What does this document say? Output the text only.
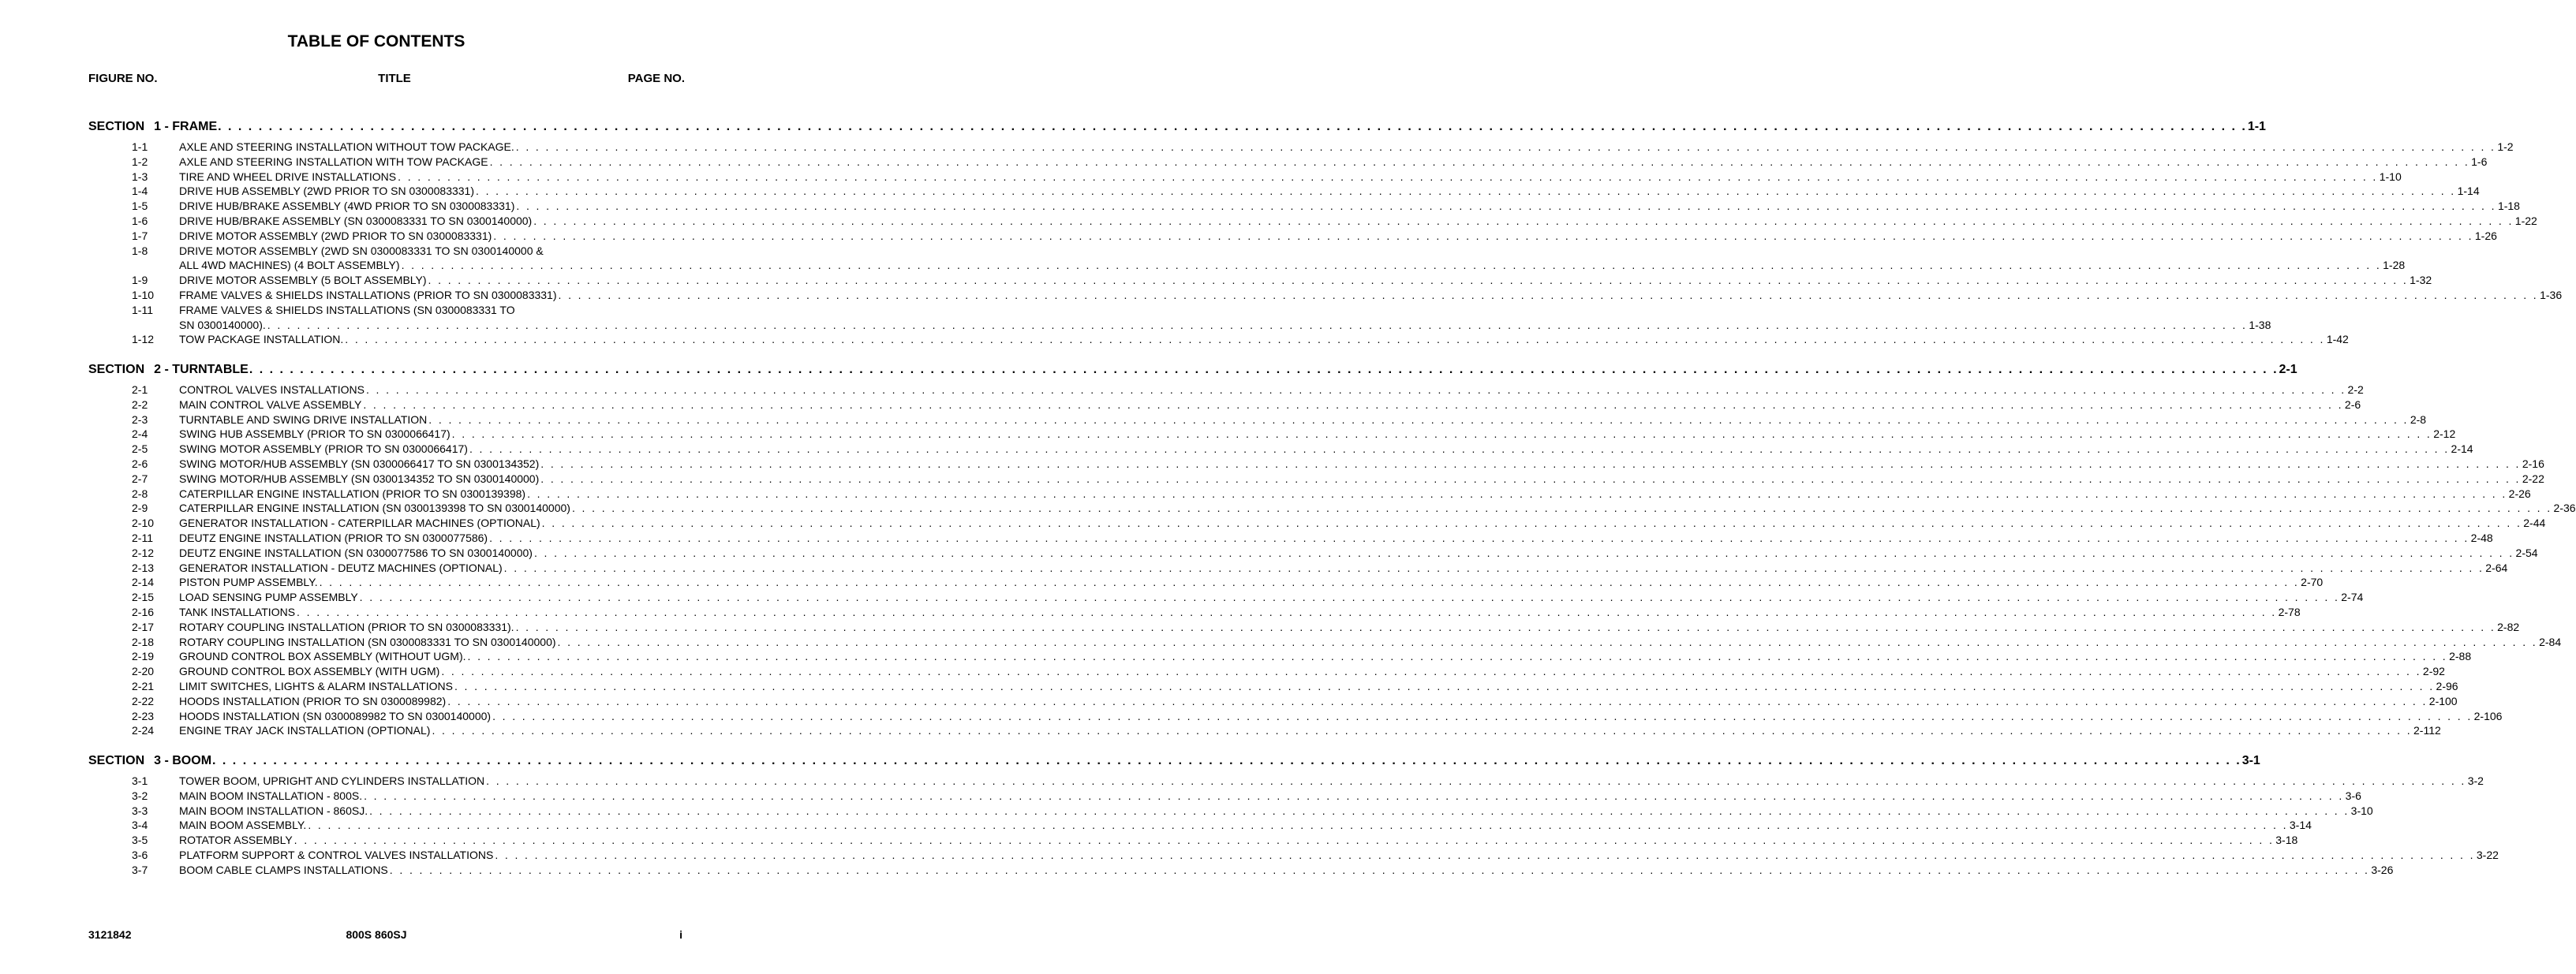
TABLE OF CONTENTS
FIGURE NO.	TITLE	PAGE NO.
SECTION 1 - FRAME . . . . . . . . . . . . . . . . . . . . . . . . . . . . . . . . . . . . . . . . . . . . . . . . . . . . . . . . . . . . . . . . . . . . . . . . . . . . . . . . . . . . . . . . . . . . . . . . . . . . . . . . . . . . . . . . . . . . . . . . . . . . . . . . . . . . . . . . . . . . . . . . . . . . . . . . . . . . . . . . . . . . . . . . . . . . . . . . . . . . . . . . . . . . . . . . . . . . . . . . 1-1
1-1	AXLE AND STEERING INSTALLATION WITHOUT TOW PACKAGE. . . . . . . . . . . . . . . . . . . . . . . . . . . . . . . . . . . . . . . . . . . . . . . . . . . . . . . . . . . . . . . . . . . . . . . . . . . . . . . . . . . . . . . . . . . . . . . . . . . . . . . . . . . . . . . . . . . . . . . . . . . . . . . . . . . . . . . . . . . . . . . . . . . . . . . . . . . . . . . . . . . . . . . . . . . . . . . . . . . . . . . . . . . . . . . . . . . . . . . . . 1-2
1-2	AXLE AND STEERING INSTALLATION WITH TOW PACKAGE . . . . . . . . . . . . . . . . . . . . . . . . . . . . . . . . . . . . . . . . . . . . . . . . . . . . . . . . . . . . . . . . . . . . . . . . . . . . . . . . . . . . . . . . . . . . . . . . . . . . . . . . . . . . . . . . . . . . . . . . . . . . . . . . . . . . . . . . . . . . . . . . . . . . . . . . . . . . . . . . . . . . . . . . . . . . . . . . . . . . . . . . . . . . . . . . . . . . . . . . 1-6
1-3	TIRE AND WHEEL DRIVE INSTALLATIONS . . . . . . . . . . . . . . . . . . . . . . . . . . . . . . . . . . . . . . . . . . . . . . . . . . . . . . . . . . . . . . . . . . . . . . . . . . . . . . . . . . . . . . . . . . . . . . . . . . . . . . . . . . . . . . . . . . . . . . . . . . . . . . . . . . . . . . . . . . . . . . . . . . . . . . . . . . . . . . . . . . . . . . . . . . . . . . . . . . . . . . . . . . . . . . . . . . . . . . . . 1-10
1-4	DRIVE HUB ASSEMBLY (2WD PRIOR TO SN 0300083331) . . . . . . . . . . . . . . . . . . . . . . . . . . . . . . . . . . . . . . . . . . . . . . . . . . . . . . . . . . . . . . . . . . . . . . . . . . . . . . . . . . . . . . . . . . . . . . . . . . . . . . . . . . . . . . . . . . . . . . . . . . . . . . . . . . . . . . . . . . . . . . . . . . . . . . . . . . . . . . . . . . . . . . . . . . . . . . . . . . . . . . . . . . . . . . . . . . . . . . . . 1-14
1-5	DRIVE HUB/BRAKE ASSEMBLY (4WD PRIOR TO SN 0300083331) . . . . . . . . . . . . . . . . . . . . . . . . . . . . . . . . . . . . . . . . . . . . . . . . . . . . . . . . . . . . . . . . . . . . . . . . . . . . . . . . . . . . . . . . . . . . . . . . . . . . . . . . . . . . . . . . . . . . . . . . . . . . . . . . . . . . . . . . . . . . . . . . . . . . . . . . . . . . . . . . . . . . . . . . . . . . . . . . . . . . . . . . . . . . . . . . . . . . . . . . 1-18
1-6	DRIVE HUB/BRAKE ASSEMBLY (SN 0300083331 TO SN 0300140000) . . . . . . . . . . . . . . . . . . . . . . . . . . . . . . . . . . . . . . . . . . . . . . . . . . . . . . . . . . . . . . . . . . . . . . . . . . . . . . . . . . . . . . . . . . . . . . . . . . . . . . . . . . . . . . . . . . . . . . . . . . . . . . . . . . . . . . . . . . . . . . . . . . . . . . . . . . . . . . . . . . . . . . . . . . . . . . . . . . . . . . . . . . . . . . . . . . . . . . . . 1-22
1-7	DRIVE MOTOR ASSEMBLY (2WD PRIOR TO SN 0300083331) . . . . . . . . . . . . . . . . . . . . . . . . . . . . . . . . . . . . . . . . . . . . . . . . . . . . . . . . . . . . . . . . . . . . . . . . . . . . . . . . . . . . . . . . . . . . . . . . . . . . . . . . . . . . . . . . . . . . . . . . . . . . . . . . . . . . . . . . . . . . . . . . . . . . . . . . . . . . . . . . . . . . . . . . . . . . . . . . . . . . . . . . . . . . . . . . . . . . . . . . 1-26
1-8	DRIVE MOTOR ASSEMBLY (2WD SN 0300083331 TO SN 0300140000 &
ALL 4WD MACHINES) (4 BOLT ASSEMBLY) . . . . . . . . . . . . . . . . . . . . . . . . . . . . . . . . . . . . . . . . . . . . . . . . . . . . . . . . . . . . . . . . . . . . . . . . . . . . . . . . . . . . . . . . . . . . . . . . . . . . . . . . . . . . . . . . . . . . . . . . . . . . . . . . . . . . . . . . . . . . . . . . . . . . . . . . . . . . . . . . . . . . . . . . . . . . . . . . . . . . . . . . . . . . . . . . . . . . . . . . 1-28
1-9	DRIVE MOTOR ASSEMBLY (5 BOLT ASSEMBLY) . . . . . . . . . . . . . . . . . . . . . . . . . . . . . . . . . . . . . . . . . . . . . . . . . . . . . . . . . . . . . . . . . . . . . . . . . . . . . . . . . . . . . . . . . . . . . . . . . . . . . . . . . . . . . . . . . . . . . . . . . . . . . . . . . . . . . . . . . . . . . . . . . . . . . . . . . . . . . . . . . . . . . . . . . . . . . . . . . . . . . . . . . . . . . . . . . . . . . . . . 1-32
1-10 FRAME VALVES & SHIELDS INSTALLATIONS (PRIOR TO SN 0300083331) . . . . . . . . . . . . . . . . . . . . . . . . . . . . . . . . . . . . . . . . . . . . . . . . . . . . . . . . . . . . . . . . . . . . . . . . . . . . . . . . . . . . . . . . . . . . . . . . . . . . . . . . . . . . . . . . . . . . . . . . . . . . . . . . . . . . . . . . . . . . . . . . . . . . . . . . . . . . . . . . . . . . . . . . . . . . . . . . . . . . . . . . . . . . . . . . . . . . . . . . 1-36
1-11 FRAME VALVES & SHIELDS INSTALLATIONS (SN 0300083331 TO
SN 0300140000). . . . . . . . . . . . . . . . . . . . . . . . . . . . . . . . . . . . . . . . . . . . . . . . . . . . . . . . . . . . . . . . . . . . . . . . . . . . . . . . . . . . . . . . . . . . . . . . . . . . . . . . . . . . . . . . . . . . . . . . . . . . . . . . . . . . . . . . . . . . . . . . . . . . . . . . . . . . . . . . . . . . . . . . . . . . . . . . . . . . . . . . . . . . . . . . . . . . . . . . . 1-38
1-12 TOW PACKAGE INSTALLATION. . . . . . . . . . . . . . . . . . . . . . . . . . . . . . . . . . . . . . . . . . . . . . . . . . . . . . . . . . . . . . . . . . . . . . . . . . . . . . . . . . . . . . . . . . . . . . . . . . . . . . . . . . . . . . . . . . . . . . . . . . . . . . . . . . . . . . . . . . . . . . . . . . . . . . . . . . . . . . . . . . . . . . . . . . . . . . . . . . . . . . . . . . . . . . . . . . . . . . . . . 1-42
SECTION 2 - TURNTABLE . . . . . . . . . . . . . . . . . . . . . . . . . . . . . . . . . . . . . . . . . . . . . . . . . . . . . . . . . . . . . . . . . . . . . . . . . . . . . . . . . . . . . . . . . . . . . . . . . . . . . . . . . . . . . . . . . . . . . . . . . . . . . . . . . . . . . . . . . . . . . . . . . . . . . . . . . . . . . . . . . . . . . . . . . . . . . . . . . . . . . . . . . . . . . . . . . . . . . . . . 2-1
2-1	CONTROL VALVES INSTALLATIONS . . . . . . . . . . . . . . . . . . . . . . . . . . . . . . . . . . . . . . . . . . . . . . . . . . . . . . . . . . . . . . . . . . . . . . . . . . . . . . . . . . . . . . . . . . . . . . . . . . . . . . . . . . . . . . . . . . . . . . . . . . . . . . . . . . . . . . . . . . . . . . . . . . . . . . . . . . . . . . . . . . . . . . . . . . . . . . . . . . . . . . . . . . . . . . . . . . . . . . . . 2-2
2-2	MAIN CONTROL VALVE ASSEMBLY . . . . . . . . . . . . . . . . . . . . . . . . . . . . . . . . . . . . . . . . . . . . . . . . . . . . . . . . . . . . . . . . . . . . . . . . . . . . . . . . . . . . . . . . . . . . . . . . . . . . . . . . . . . . . . . . . . . . . . . . . . . . . . . . . . . . . . . . . . . . . . . . . . . . . . . . . . . . . . . . . . . . . . . . . . . . . . . . . . . . . . . . . . . . . . . . . . . . . . . . 2-6
2-3	TURNTABLE AND SWING DRIVE INSTALLATION . . . . . . . . . . . . . . . . . . . . . . . . . . . . . . . . . . . . . . . . . . . . . . . . . . . . . . . . . . . . . . . . . . . . . . . . . . . . . . . . . . . . . . . . . . . . . . . . . . . . . . . . . . . . . . . . . . . . . . . . . . . . . . . . . . . . . . . . . . . . . . . . . . . . . . . . . . . . . . . . . . . . . . . . . . . . . . . . . . . . . . . . . . . . . . . . . . . . . . . . 2-8
2-4	SWING HUB ASSEMBLY (PRIOR TO SN 0300066417) . . . . . . . . . . . . . . . . . . . . . . . . . . . . . . . . . . . . . . . . . . . . . . . . . . . . . . . . . . . . . . . . . . . . . . . . . . . . . . . . . . . . . . . . . . . . . . . . . . . . . . . . . . . . . . . . . . . . . . . . . . . . . . . . . . . . . . . . . . . . . . . . . . . . . . . . . . . . . . . . . . . . . . . . . . . . . . . . . . . . . . . . . . . . . . . . . . . . . . . . 2-12
2-5	SWING MOTOR ASSEMBLY (PRIOR TO SN 0300066417) . . . . . . . . . . . . . . . . . . . . . . . . . . . . . . . . . . . . . . . . . . . . . . . . . . . . . . . . . . . . . . . . . . . . . . . . . . . . . . . . . . . . . . . . . . . . . . . . . . . . . . . . . . . . . . . . . . . . . . . . . . . . . . . . . . . . . . . . . . . . . . . . . . . . . . . . . . . . . . . . . . . . . . . . . . . . . . . . . . . . . . . . . . . . . . . . . . . . . . . . 2-14
2-6	SWING MOTOR/HUB ASSEMBLY (SN 0300066417 TO SN 0300134352) . . . . . . . . . . . . . . . . . . . . . . . . . . . . . . . . . . . . . . . . . . . . . . . . . . . . . . . . . . . . . . . . . . . . . . . . . . . . . . . . . . . . . . . . . . . . . . . . . . . . . . . . . . . . . . . . . . . . . . . . . . . . . . . . . . . . . . . . . . . . . . . . . . . . . . . . . . . . . . . . . . . . . . . . . . . . . . . . . . . . . . . . . . . . . . . . . . . . . . . . 2-16
2-7	SWING MOTOR/HUB ASSEMBLY (SN 0300134352 TO SN 0300140000) . . . . . . . . . . . . . . . . . . . . . . . . . . . . . . . . . . . . . . . . . . . . . . . . . . . . . . . . . . . . . . . . . . . . . . . . . . . . . . . . . . . . . . . . . . . . . . . . . . . . . . . . . . . . . . . . . . . . . . . . . . . . . . . . . . . . . . . . . . . . . . . . . . . . . . . . . . . . . . . . . . . . . . . . . . . . . . . . . . . . . . . . . . . . . . . . . . . . . . . . 2-22
2-8	CATERPILLAR ENGINE INSTALLATION (PRIOR TO SN 0300139398) . . . . . . . . . . . . . . . . . . . . . . . . . . . . . . . . . . . . . . . . . . . . . . . . . . . . . . . . . . . . . . . . . . . . . . . . . . . . . . . . . . . . . . . . . . . . . . . . . . . . . . . . . . . . . . . . . . . . . . . . . . . . . . . . . . . . . . . . . . . . . . . . . . . . . . . . . . . . . . . . . . . . . . . . . . . . . . . . . . . . . . . . . . . . . . . . . . . . . . . . 2-26
2-9	CATERPILLAR ENGINE INSTALLATION (SN 0300139398 TO SN 0300140000) . . . . . . . . . . . . . . . . . . . . . . . . . . . . . . . . . . . . . . . . . . . . . . . . . . . . . . . . . . . . . . . . . . . . . . . . . . . . . . . . . . . . . . . . . . . . . . . . . . . . . . . . . . . . . . . . . . . . . . . . . . . . . . . . . . . . . . . . . . . . . . . . . . . . . . . . . . . . . . . . . . . . . . . . . . . . . . . . . . . . . . . . . . . . . . . . . . . . . . . . 2-36
2-10 GENERATOR INSTALLATION - CATERPILLAR MACHINES (OPTIONAL) . . . . . . . . . . . . . . . . . . . . . . . . . . . . . . . . . . . . . . . . . . . . . . . . . . . . . . . . . . . . . . . . . . . . . . . . . . . . . . . . . . . . . . . . . . . . . . . . . . . . . . . . . . . . . . . . . . . . . . . . . . . . . . . . . . . . . . . . . . . . . . . . . . . . . . . . . . . . . . . . . . . . . . . . . . . . . . . . . . . . . . . . . . . . . . . . . . . . . . . . 2-44
2-11 DEUTZ ENGINE INSTALLATION (PRIOR TO SN 0300077586) . . . . . . . . . . . . . . . . . . . . . . . . . . . . . . . . . . . . . . . . . . . . . . . . . . . . . . . . . . . . . . . . . . . . . . . . . . . . . . . . . . . . . . . . . . . . . . . . . . . . . . . . . . . . . . . . . . . . . . . . . . . . . . . . . . . . . . . . . . . . . . . . . . . . . . . . . . . . . . . . . . . . . . . . . . . . . . . . . . . . . . . . . . . . . . . . . . . . . . . . 2-48
2-12 DEUTZ ENGINE INSTALLATION (SN 0300077586 TO SN 0300140000) . . . . . . . . . . . . . . . . . . . . . . . . . . . . . . . . . . . . . . . . . . . . . . . . . . . . . . . . . . . . . . . . . . . . . . . . . . . . . . . . . . . . . . . . . . . . . . . . . . . . . . . . . . . . . . . . . . . . . . . . . . . . . . . . . . . . . . . . . . . . . . . . . . . . . . . . . . . . . . . . . . . . . . . . . . . . . . . . . . . . . . . . . . . . . . . . . . . . . . . . 2-54
2-13 GENERATOR INSTALLATION - DEUTZ MACHINES (OPTIONAL) . . . . . . . . . . . . . . . . . . . . . . . . . . . . . . . . . . . . . . . . . . . . . . . . . . . . . . . . . . . . . . . . . . . . . . . . . . . . . . . . . . . . . . . . . . . . . . . . . . . . . . . . . . . . . . . . . . . . . . . . . . . . . . . . . . . . . . . . . . . . . . . . . . . . . . . . . . . . . . . . . . . . . . . . . . . . . . . . . . . . . . . . . . . . . . . . . . . . . . . . 2-64
2-14 PISTON PUMP ASSEMBLY. . . . . . . . . . . . . . . . . . . . . . . . . . . . . . . . . . . . . . . . . . . . . . . . . . . . . . . . . . . . . . . . . . . . . . . . . . . . . . . . . . . . . . . . . . . . . . . . . . . . . . . . . . . . . . . . . . . . . . . . . . . . . . . . . . . . . . . . . . . . . . . . . . . . . . . . . . . . . . . . . . . . . . . . . . . . . . . . . . . . . . . . . . . . . . . . . . . . . . . . . 2-70
2-15 LOAD SENSING PUMP ASSEMBLY . . . . . . . . . . . . . . . . . . . . . . . . . . . . . . . . . . . . . . . . . . . . . . . . . . . . . . . . . . . . . . . . . . . . . . . . . . . . . . . . . . . . . . . . . . . . . . . . . . . . . . . . . . . . . . . . . . . . . . . . . . . . . . . . . . . . . . . . . . . . . . . . . . . . . . . . . . . . . . . . . . . . . . . . . . . . . . . . . . . . . . . . . . . . . . . . . . . . . . . . 2-74
2-16 TANK INSTALLATIONS . . . . . . . . . . . . . . . . . . . . . . . . . . . . . . . . . . . . . . . . . . . . . . . . . . . . . . . . . . . . . . . . . . . . . . . . . . . . . . . . . . . . . . . . . . . . . . . . . . . . . . . . . . . . . . . . . . . . . . . . . . . . . . . . . . . . . . . . . . . . . . . . . . . . . . . . . . . . . . . . . . . . . . . . . . . . . . . . . . . . . . . . . . . . . . . . . . . . . . . . 2-78
2-17 ROTARY COUPLING INSTALLATION (PRIOR TO SN 0300083331). . . . . . . . . . . . . . . . . . . . . . . . . . . . . . . . . . . . . . . . . . . . . . . . . . . . . . . . . . . . . . . . . . . . . . . . . . . . . . . . . . . . . . . . . . . . . . . . . . . . . . . . . . . . . . . . . . . . . . . . . . . . . . . . . . . . . . . . . . . . . . . . . . . . . . . . . . . . . . . . . . . . . . . . . . . . . . . . . . . . . . . . . . . . . . . . . . . . . . . . . 2-82
2-18 ROTARY COUPLING INSTALLATION (SN 0300083331 TO SN 0300140000) . . . . . . . . . . . . . . . . . . . . . . . . . . . . . . . . . . . . . . . . . . . . . . . . . . . . . . . . . . . . . . . . . . . . . . . . . . . . . . . . . . . . . . . . . . . . . . . . . . . . . . . . . . . . . . . . . . . . . . . . . . . . . . . . . . . . . . . . . . . . . . . . . . . . . . . . . . . . . . . . . . . . . . . . . . . . . . . . . . . . . . . . . . . . . . . . . . . . . . . . 2-84
2-19 GROUND CONTROL BOX ASSEMBLY (WITHOUT UGM). . . . . . . . . . . . . . . . . . . . . . . . . . . . . . . . . . . . . . . . . . . . . . . . . . . . . . . . . . . . . . . . . . . . . . . . . . . . . . . . . . . . . . . . . . . . . . . . . . . . . . . . . . . . . . . . . . . . . . . . . . . . . . . . . . . . . . . . . . . . . . . . . . . . . . . . . . . . . . . . . . . . . . . . . . . . . . . . . . . . . . . . . . . . . . . . . . . . . . . . . 2-88
2-20 GROUND CONTROL BOX ASSEMBLY (WITH UGM) . . . . . . . . . . . . . . . . . . . . . . . . . . . . . . . . . . . . . . . . . . . . . . . . . . . . . . . . . . . . . . . . . . . . . . . . . . . . . . . . . . . . . . . . . . . . . . . . . . . . . . . . . . . . . . . . . . . . . . . . . . . . . . . . . . . . . . . . . . . . . . . . . . . . . . . . . . . . . . . . . . . . . . . . . . . . . . . . . . . . . . . . . . . . . . . . . . . . . . . . 2-92
2-21 LIMIT SWITCHES, LIGHTS & ALARM INSTALLATIONS . . . . . . . . . . . . . . . . . . . . . . . . . . . . . . . . . . . . . . . . . . . . . . . . . . . . . . . . . . . . . . . . . . . . . . . . . . . . . . . . . . . . . . . . . . . . . . . . . . . . . . . . . . . . . . . . . . . . . . . . . . . . . . . . . . . . . . . . . . . . . . . . . . . . . . . . . . . . . . . . . . . . . . . . . . . . . . . . . . . . . . . . . . . . . . . . . . . . . . . . 2-96
2-22 HOODS INSTALLATION (PRIOR TO SN 0300089982) . . . . . . . . . . . . . . . . . . . . . . . . . . . . . . . . . . . . . . . . . . . . . . . . . . . . . . . . . . . . . . . . . . . . . . . . . . . . . . . . . . . . . . . . . . . . . . . . . . . . . . . . . . . . . . . . . . . . . . . . . . . . . . . . . . . . . . . . . . . . . . . . . . . . . . . . . . . . . . . . . . . . . . . . . . . . . . . . . . . . . . . . . . . . . . . . . . . . . . . . 2-100
2-23 HOODS INSTALLATION (SN 0300089982 TO SN 0300140000) . . . . . . . . . . . . . . . . . . . . . . . . . . . . . . . . . . . . . . . . . . . . . . . . . . . . . . . . . . . . . . . . . . . . . . . . . . . . . . . . . . . . . . . . . . . . . . . . . . . . . . . . . . . . . . . . . . . . . . . . . . . . . . . . . . . . . . . . . . . . . . . . . . . . . . . . . . . . . . . . . . . . . . . . . . . . . . . . . . . . . . . . . . . . . . . . . . . . . . . . 2-106
2-24 ENGINE TRAY JACK INSTALLATION (OPTIONAL) . . . . . . . . . . . . . . . . . . . . . . . . . . . . . . . . . . . . . . . . . . . . . . . . . . . . . . . . . . . . . . . . . . . . . . . . . . . . . . . . . . . . . . . . . . . . . . . . . . . . . . . . . . . . . . . . . . . . . . . . . . . . . . . . . . . . . . . . . . . . . . . . . . . . . . . . . . . . . . . . . . . . . . . . . . . . . . . . . . . . . . . . . . . . . . . . . . . . . . . . 2-112
SECTION 3 - BOOM . . . . . . . . . . . . . . . . . . . . . . . . . . . . . . . . . . . . . . . . . . . . . . . . . . . . . . . . . . . . . . . . . . . . . . . . . . . . . . . . . . . . . . . . . . . . . . . . . . . . . . . . . . . . . . . . . . . . . . . . . . . . . . . . . . . . . . . . . . . . . . . . . . . . . . . . . . . . . . . . . . . . . . . . . . . . . . . . . . . . . . . . . . . . . . . . . . . . . . . . 3-1
3-1	TOWER BOOM, UPRIGHT AND CYLINDERS INSTALLATION . . . . . . . . . . . . . . . . . . . . . . . . . . . . . . . . . . . . . . . . . . . . . . . . . . . . . . . . . . . . . . . . . . . . . . . . . . . . . . . . . . . . . . . . . . . . . . . . . . . . . . . . . . . . . . . . . . . . . . . . . . . . . . . . . . . . . . . . . . . . . . . . . . . . . . . . . . . . . . . . . . . . . . . . . . . . . . . . . . . . . . . . . . . . . . . . . . . . . . . . 3-2
3-2	MAIN BOOM INSTALLATION - 800S. . . . . . . . . . . . . . . . . . . . . . . . . . . . . . . . . . . . . . . . . . . . . . . . . . . . . . . . . . . . . . . . . . . . . . . . . . . . . . . . . . . . . . . . . . . . . . . . . . . . . . . . . . . . . . . . . . . . . . . . . . . . . . . . . . . . . . . . . . . . . . . . . . . . . . . . . . . . . . . . . . . . . . . . . . . . . . . . . . . . . . . . . . . . . . . . . . . . . . . . . 3-6
3-3	MAIN BOOM INSTALLATION - 860SJ. . . . . . . . . . . . . . . . . . . . . . . . . . . . . . . . . . . . . . . . . . . . . . . . . . . . . . . . . . . . . . . . . . . . . . . . . . . . . . . . . . . . . . . . . . . . . . . . . . . . . . . . . . . . . . . . . . . . . . . . . . . . . . . . . . . . . . . . . . . . . . . . . . . . . . . . . . . . . . . . . . . . . . . . . . . . . . . . . . . . . . . . . . . . . . . . . . . . . . . . . 3-10
3-4	MAIN BOOM ASSEMBLY. . . . . . . . . . . . . . . . . . . . . . . . . . . . . . . . . . . . . . . . . . . . . . . . . . . . . . . . . . . . . . . . . . . . . . . . . . . . . . . . . . . . . . . . . . . . . . . . . . . . . . . . . . . . . . . . . . . . . . . . . . . . . . . . . . . . . . . . . . . . . . . . . . . . . . . . . . . . . . . . . . . . . . . . . . . . . . . . . . . . . . . . . . . . . . . . . . . . . . . . . 3-14
3-5	ROTATOR ASSEMBLY . . . . . . . . . . . . . . . . . . . . . . . . . . . . . . . . . . . . . . . . . . . . . . . . . . . . . . . . . . . . . . . . . . . . . . . . . . . . . . . . . . . . . . . . . . . . . . . . . . . . . . . . . . . . . . . . . . . . . . . . . . . . . . . . . . . . . . . . . . . . . . . . . . . . . . . . . . . . . . . . . . . . . . . . . . . . . . . . . . . . . . . . . . . . . . . . . . . . . . . . 3-18
3-6	PLATFORM SUPPORT & CONTROL VALVES INSTALLATIONS . . . . . . . . . . . . . . . . . . . . . . . . . . . . . . . . . . . . . . . . . . . . . . . . . . . . . . . . . . . . . . . . . . . . . . . . . . . . . . . . . . . . . . . . . . . . . . . . . . . . . . . . . . . . . . . . . . . . . . . . . . . . . . . . . . . . . . . . . . . . . . . . . . . . . . . . . . . . . . . . . . . . . . . . . . . . . . . . . . . . . . . . . . . . . . . . . . . . . . . . 3-22
3-7	BOOM CABLE CLAMPS INSTALLATIONS . . . . . . . . . . . . . . . . . . . . . . . . . . . . . . . . . . . . . . . . . . . . . . . . . . . . . . . . . . . . . . . . . . . . . . . . . . . . . . . . . . . . . . . . . . . . . . . . . . . . . . . . . . . . . . . . . . . . . . . . . . . . . . . . . . . . . . . . . . . . . . . . . . . . . . . . . . . . . . . . . . . . . . . . . . . . . . . . . . . . . . . . . . . . . . . . . . . . . . . . 3-26
3121842	800S 860SJ	i
